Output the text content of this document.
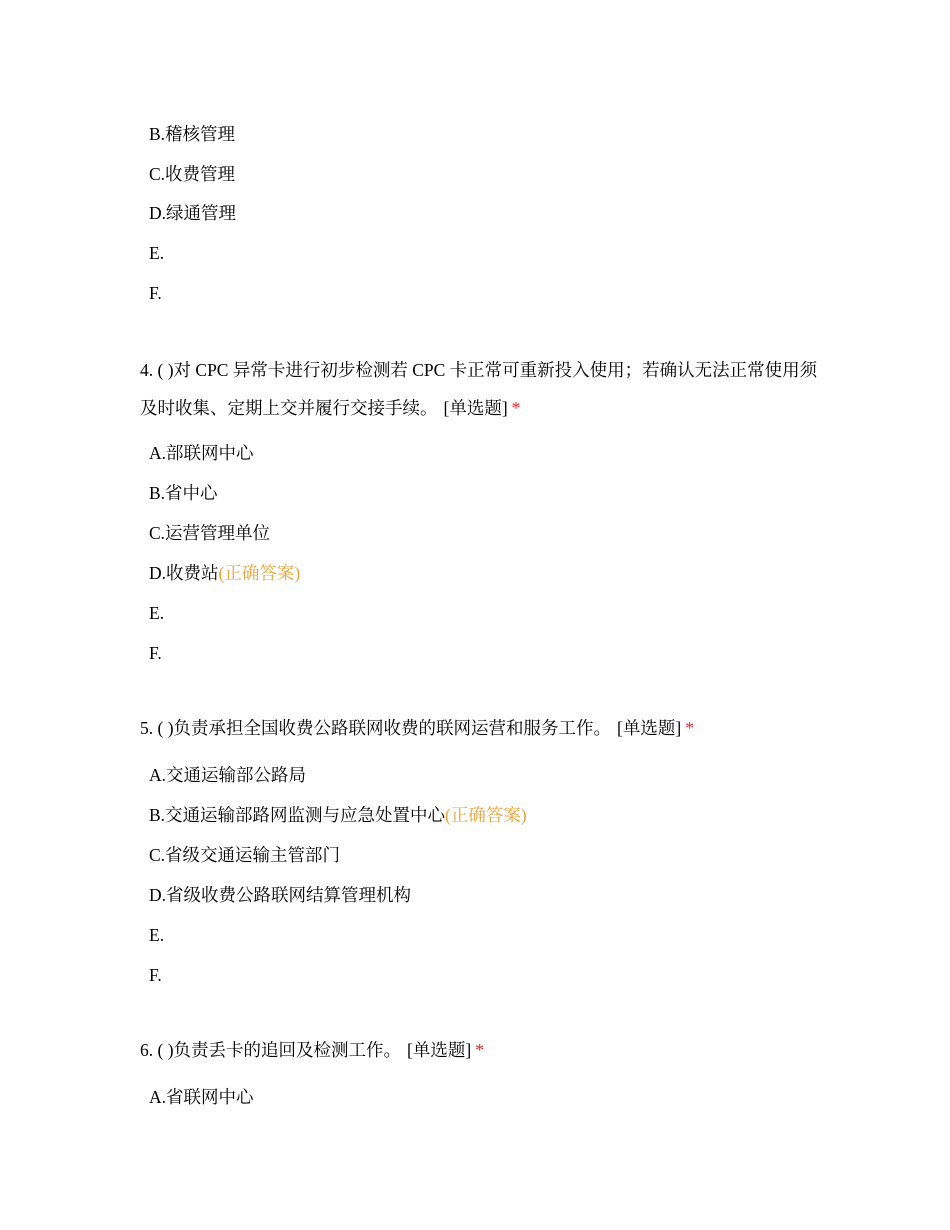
B.稽核管理
C.收费管理
D.绿通管理
E.
F.
4. ( )对 CPC 异常卡进行初步检测若 CPC 卡正常可重新投入使用；若确认无法正常使用须及时收集、定期上交并履行交接手续。 [单选题] *
A.部联网中心
B.省中心
C.运营管理单位
D.收费站(正确答案)
E.
F.
5. ( )负责承担全国收费公路联网收费的联网运营和服务工作。 [单选题] *
A.交通运输部公路局
B.交通运输部路网监测与应急处置中心(正确答案)
C.省级交通运输主管部门
D.省级收费公路联网结算管理机构
E.
F.
6. ( )负责丢卡的追回及检测工作。 [单选题] *
A.省联网中心
